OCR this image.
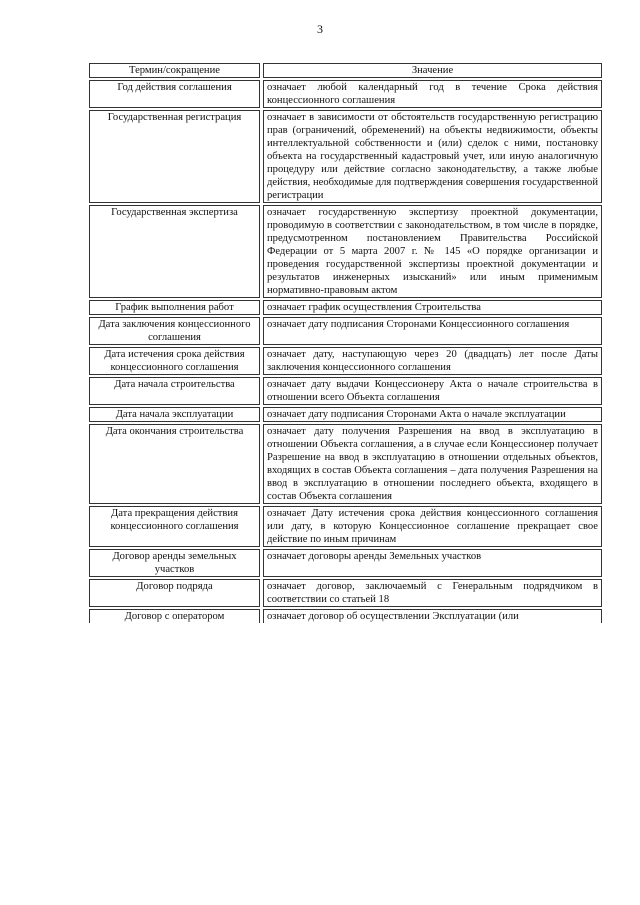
3
Термин/сокращение	Значение
Год действия соглашения	означает любой календарный год в течение Срока действия концессионного соглашения
Государственная регистрация	означает в зависимости от обстоятельств государственную регистрацию прав (ограничений, обременений) на объекты недвижимости, объекты интеллектуальной собственности и (или) сделок с ними, постановку объекта на государственный кадастровый учет, или иную аналогичную процедуру или действие согласно законодательству, а также любые действия, необходимые для подтверждения совершения государственной регистрации
Государственная экспертиза	означает государственную экспертизу проектной документации, проводимую в соответствии с законодательством, в том числе в порядке, предусмотренном постановлением Правительства Российской Федерации от 5 марта 2007 г. № 145 «О порядке организации и проведения государственной экспертизы проектной документации и результатов инженерных изысканий» или иным применимым нормативно-правовым актом
График выполнения работ	означает график осуществления Строительства
Дата заключения концессионного соглашения	означает дату подписания Сторонами Концессионного соглашения
Дата истечения срока действия концессионного соглашения	означает дату, наступающую через 20 (двадцать) лет после Даты заключения концессионного соглашения
Дата начала строительства	означает дату выдачи Концессионеру Акта о начале строительства в отношении всего Объекта соглашения
Дата начала эксплуатации	означает дату подписания Сторонами Акта о начале эксплуатации
Дата окончания строительства	означает дату получения Разрешения на ввод в эксплуатацию в отношении Объекта соглашения, а в случае если Концессионер получает Разрешение на ввод в эксплуатацию в отношении отдельных объектов, входящих в состав Объекта соглашения – дата получения Разрешения на ввод в эксплуатацию в отношении последнего объекта, входящего в состав Объекта соглашения
Дата прекращения действия концессионного соглашения	означает Дату истечения срока действия концессионного соглашения или дату, в которую Концессионное соглашение прекращает свое действие по иным причинам
Договор аренды земельных участков	означает договоры аренды Земельных участков
Договор подряда	означает договор, заключаемый с Генеральным подрядчиком в соответствии со статьей 18
Договор с оператором	означает договор об осуществлении Эксплуатации (или
